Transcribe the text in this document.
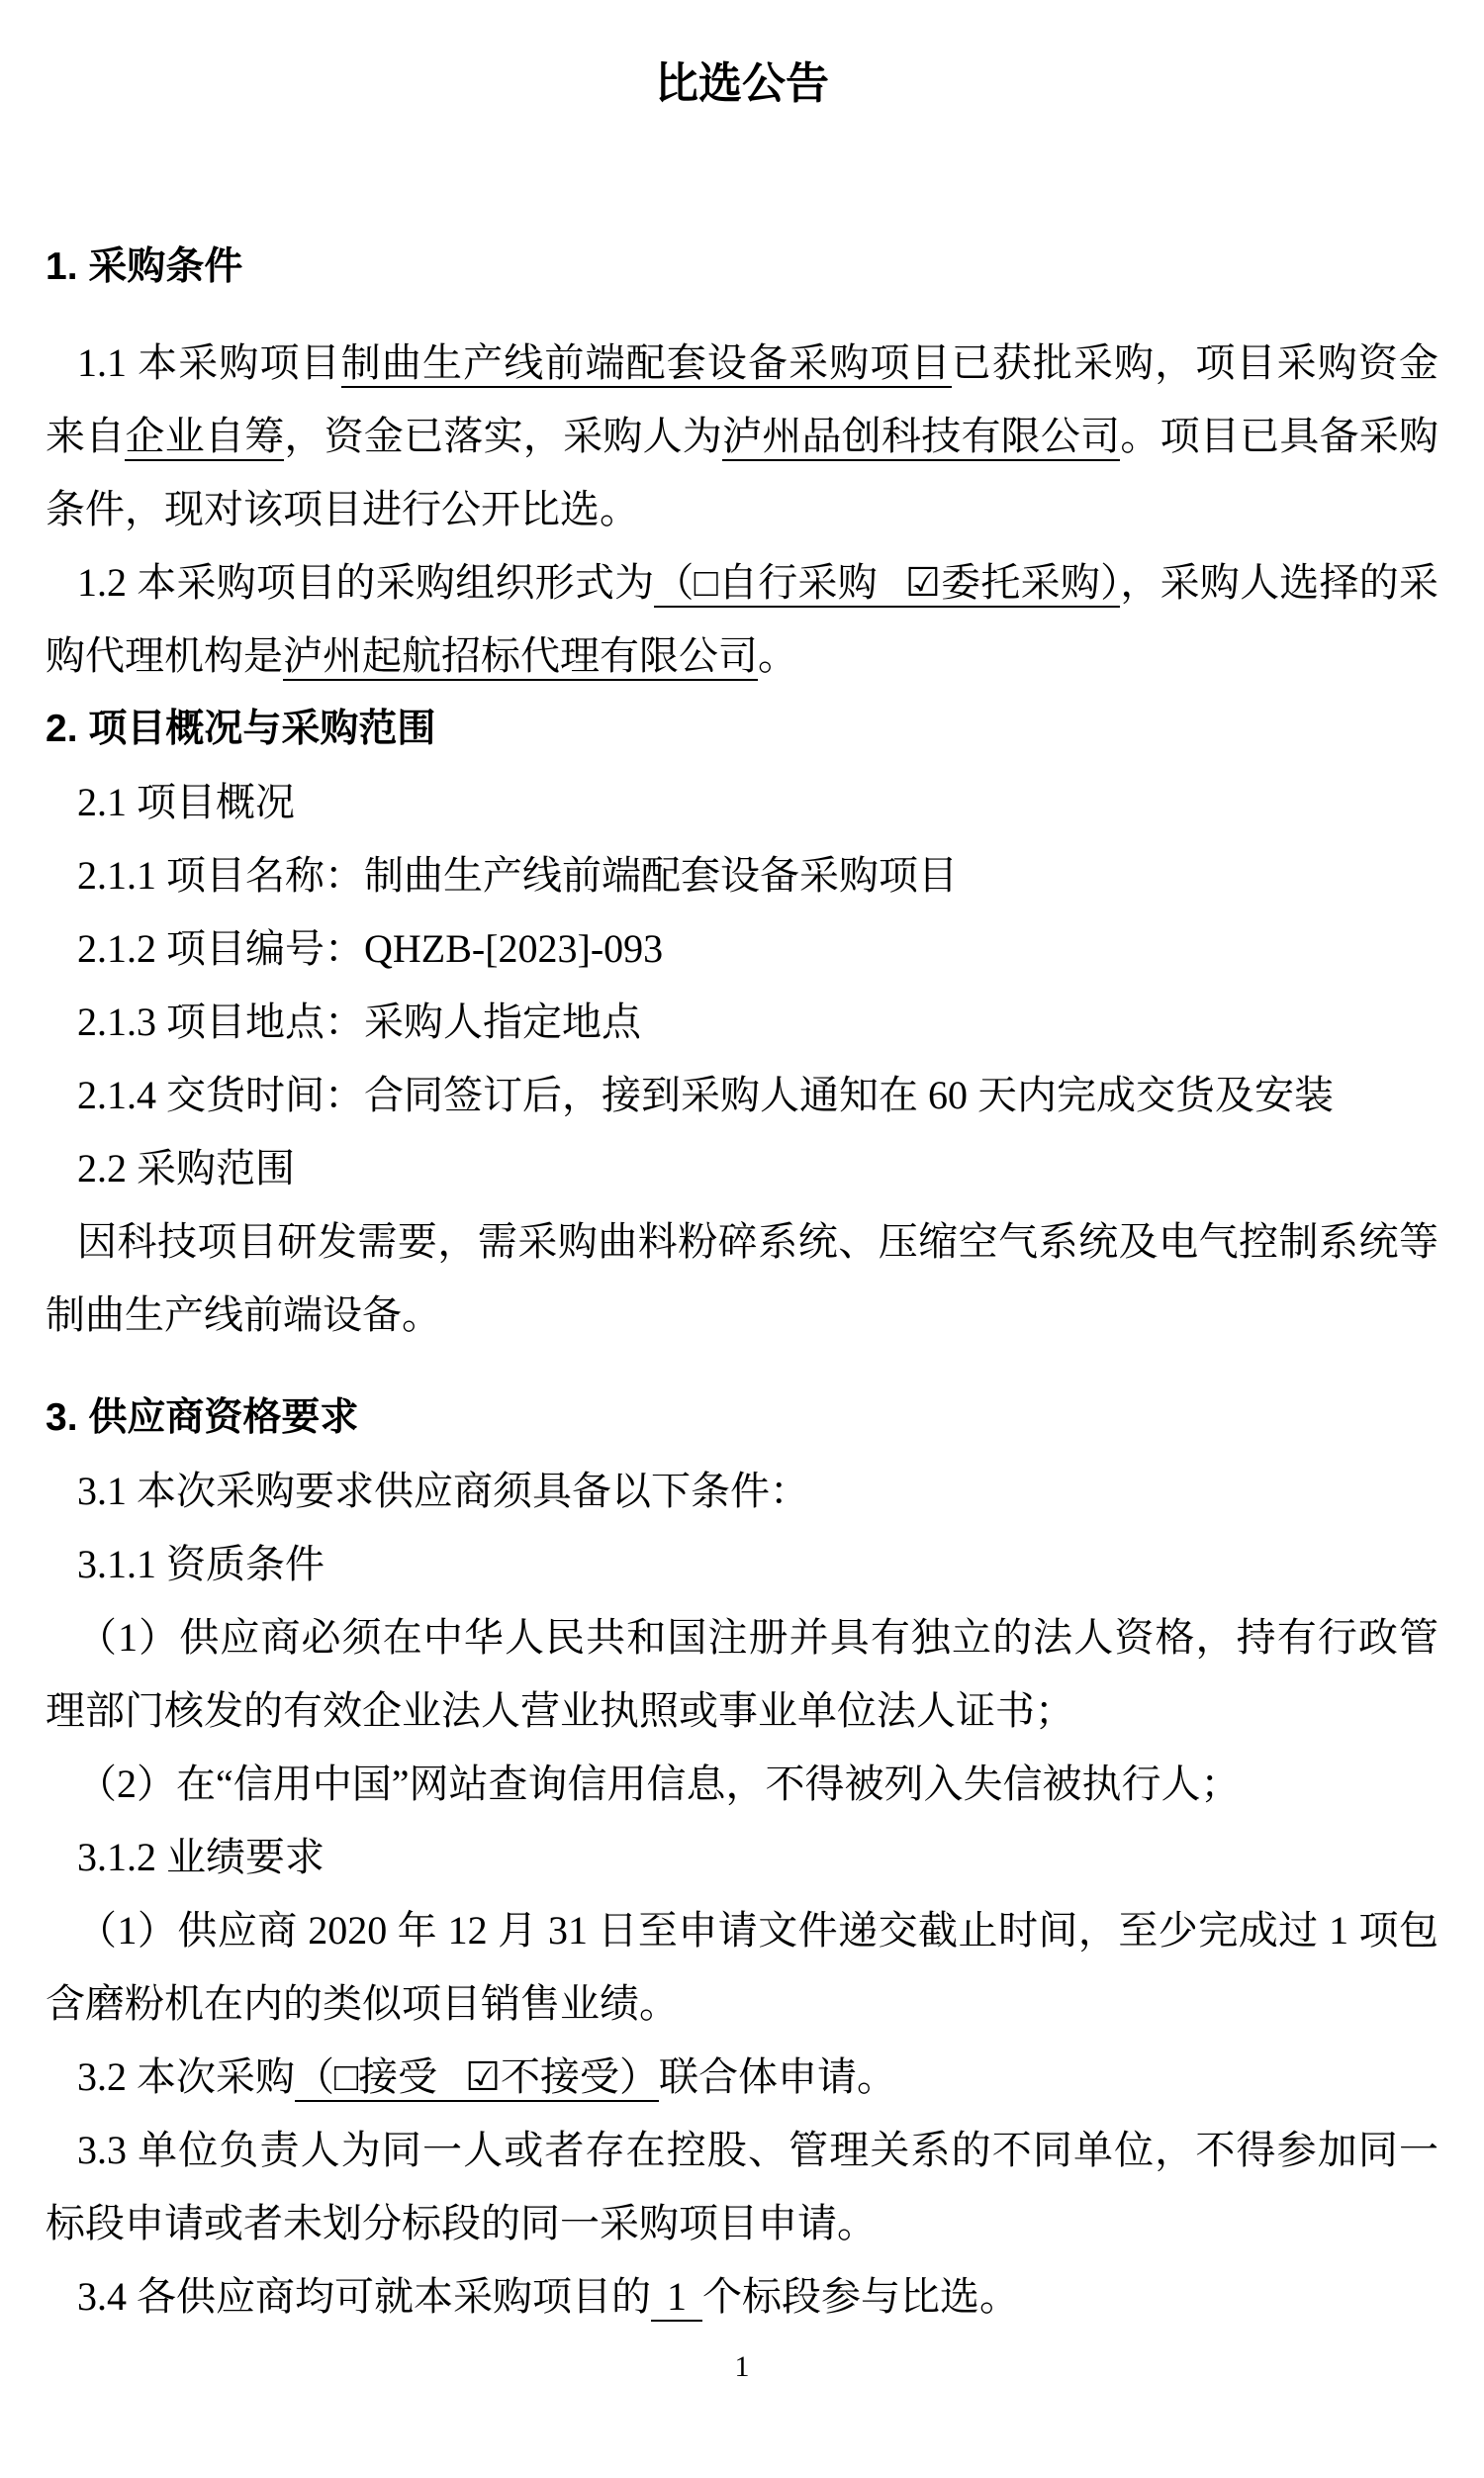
比选公告
1. 采购条件

1.1 本采购项目制曲生产线前端配套设备采购项目已获批采购，项目采购资金来自企业自筹，资金已落实，采购人为泸州品创科技有限公司。项目已具备采购条件，现对该项目进行公开比选。

1.2 本采购项目的采购组织形式为（□自行采购 ☑委托采购），采购人选择的采购代理机构是泸州起航招标代理有限公司。

2. 项目概况与采购范围

2.1 项目概况

2.1.1 项目名称：制曲生产线前端配套设备采购项目

2.1.2 项目编号：QHZB-[2023]-093

2.1.3 项目地点：采购人指定地点

2.1.4 交货时间：合同签订后，接到采购人通知在 60 天内完成交货及安装

2.2 采购范围

因科技项目研发需要，需采购曲料粉碎系统、压缩空气系统及电气控制系统等制曲生产线前端设备。

3. 供应商资格要求

3.1 本次采购要求供应商须具备以下条件：

3.1.1 资质条件

（1）供应商必须在中华人民共和国注册并具有独立的法人资格，持有行政管理部门核发的有效企业法人营业执照或事业单位法人证书；

（2）在“信用中国”网站查询信用信息，不得被列入失信被执行人；

3.1.2 业绩要求

（1）供应商 2020 年 12 月 31 日至申请文件递交截止时间，至少完成过 1 项包含磨粉机在内的类似项目销售业绩。

3.2 本次采购（□接受 ☑不接受）联合体申请。

3.3 单位负责人为同一人或者存在控股、管理关系的不同单位，不得参加同一标段申请或者未划分标段的同一采购项目申请。

3.4 各供应商均可就本采购项目的 1 个标段参与比选。

1
